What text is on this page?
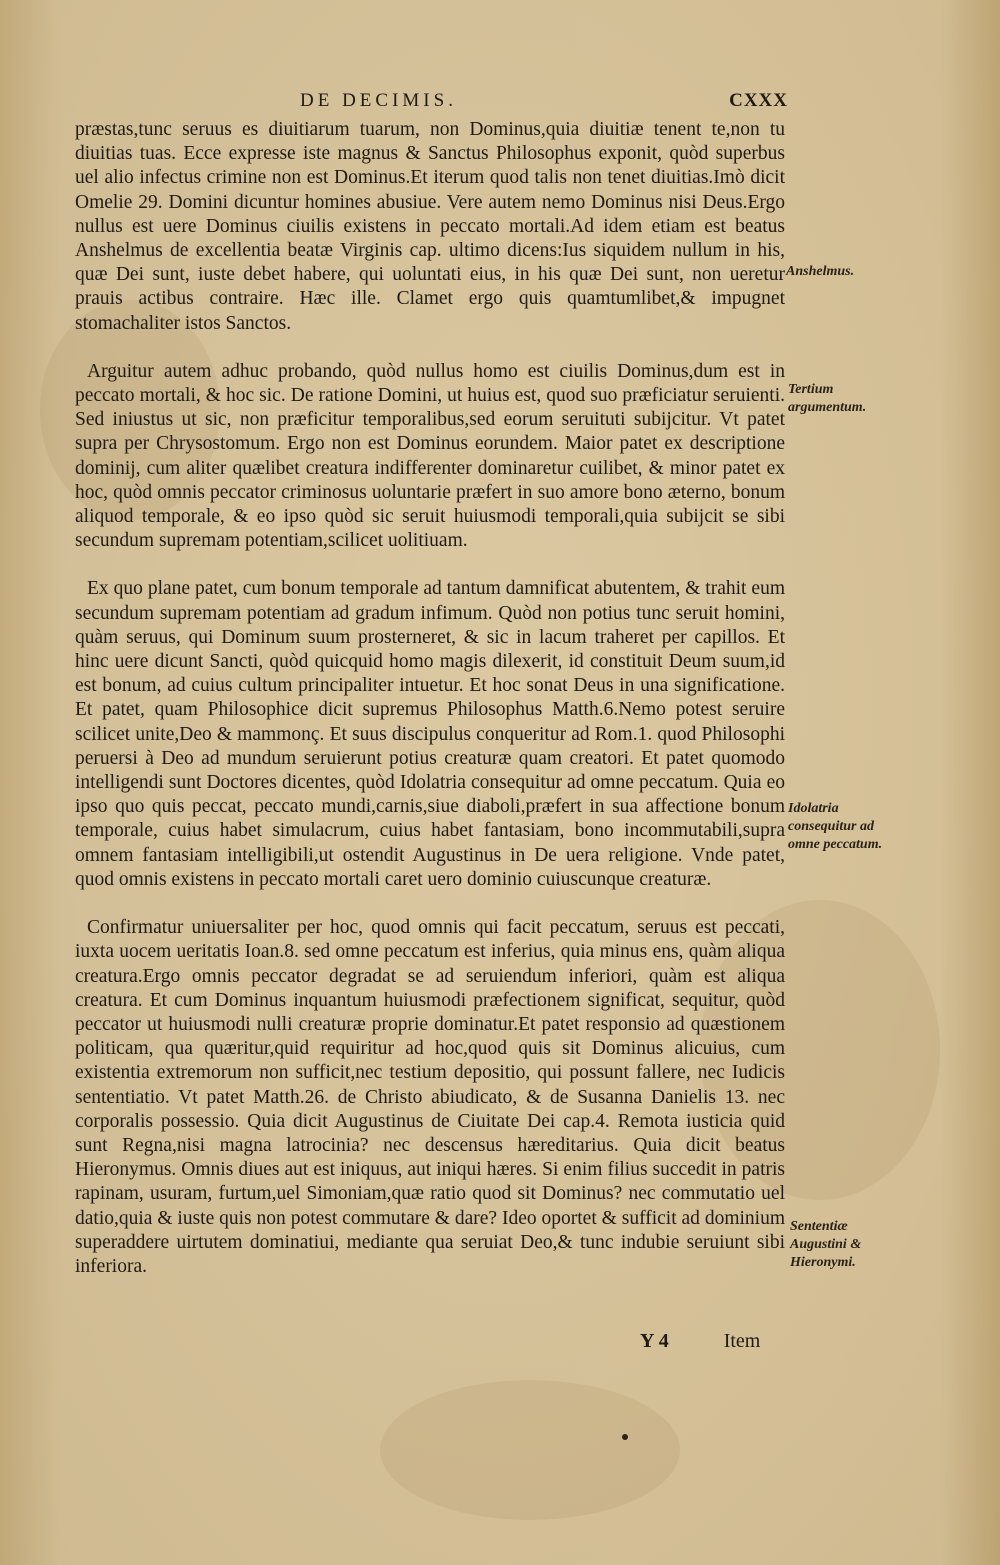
DE DECIMIS.	CXXX

præstas,tunc seruus es diuitiarum tuarum, non Dominus,quia diuitiæ tenent te,non tu diuitias tuas. Ecce expresse iste magnus & Sanctus Philosophus exponit, quòd superbus uel alio infectus crimine non est Dominus.Et iterum quod talis non tenet diuitias.Imò dicit Omelie 29. Domini dicuntur homines abusiue. Vere autem nemo Dominus nisi Deus.Ergo nullus est uere Dominus ciuilis existens in peccato mortali.Ad idem etiam est beatus Anshelmus de excellentia beatæ Virginis cap. ultimo dicens:Ius siquidem nullum in his, quæ Dei sunt, iuste debet habere, qui uoluntati eius, in his quæ Dei sunt, non ueretur prauis actibus contraire. Hæc ille. Clamet ergo quis quamtumlibet,& impugnet stomachaliter istos Sanctos.

Arguitur autem adhuc probando, quòd nullus homo est ciuilis Dominus,dum est in peccato mortali, & hoc sic. De ratione Domini, ut huius est, quod suo præficiatur seruienti. Sed iniustus ut sic, non præficitur temporalibus,sed eorum seruituti subijcitur. Vt patet supra per Chrysostomum. Ergo non est Dominus eorundem. Maior patet ex descriptione dominij, cum aliter quælibet creatura indifferenter dominaretur cuilibet, & minor patet ex hoc, quòd omnis peccator criminosus uoluntarie præfert in suo amore bono æterno, bonum aliquod temporale, & eo ipso quòd sic seruit huiusmodi temporali,quia subijcit se sibi secundum supremam potentiam,scilicet uolitiuam.

Ex quo plane patet, cum bonum temporale ad tantum damnificat abutentem, & trahit eum secundum supremam potentiam ad gradum infimum. Quòd non potius tunc seruit homini, quàm seruus, qui Dominum suum prosterneret, & sic in lacum traheret per capillos. Et hinc uere dicunt Sancti, quòd quicquid homo magis dilexerit, id constituit Deum suum,id est bonum, ad cuius cultum principaliter intuetur. Et hoc sonat Deus in una significatione. Et patet, quam Philosophice dicit supremus Philosophus Matth.6.Nemo potest seruire scilicet unite,Deo & mammonç. Et suus discipulus conqueritur ad Rom.1. quod Philosophi peruersi à Deo ad mundum seruierunt potius creaturæ quam creatori. Et patet quomodo intelligendi sunt Doctores dicentes, quòd Idolatria consequitur ad omne peccatum. Quia eo ipso quo quis peccat, peccato mundi,carnis,siue diaboli,præfert in sua affectione bonum temporale, cuius habet simulacrum, cuius habet fantasiam, bono incommutabili,supra omnem fantasiam intelligibili,ut ostendit Augustinus in De uera religione. Vnde patet, quod omnis existens in peccato mortali caret uero dominio cuiuscunque creaturæ.

Confirmatur uniuersaliter per hoc, quod omnis qui facit peccatum, seruus est peccati, iuxta uocem ueritatis Ioan.8. sed omne peccatum est inferius, quia minus ens, quàm aliqua creatura.Ergo omnis peccator degradat se ad seruiendum inferiori, quàm est aliqua creatura. Et cum Dominus inquantum huiusmodi præfectionem significat, sequitur, quòd peccator ut huiusmodi nulli creaturæ proprie dominatur.Et patet responsio ad quæstionem politicam, qua quæritur,quid requiritur ad hoc,quod quis sit Dominus alicuius, cum existentia extremorum non sufficit,nec testium depositio, qui possunt fallere, nec Iudicis sententiatio. Vt patet Matth.26. de Christo abiudicato, & de Susanna Danielis 13. nec corporalis possessio. Quia dicit Augustinus de Ciuitate Dei cap.4. Remota iusticia quid sunt Regna,nisi magna latrocinia? nec descensus hæreditarius. Quia dicit beatus Hieronymus. Omnis diues aut est iniquus, aut iniqui hæres. Si enim filius succedit in patris rapinam, usuram, furtum,uel Simoniam,quæ ratio quod sit Dominus? nec commutatio uel datio,quia & iuste quis non potest commutare & dare? Ideo oportet & sufficit ad dominium superaddere uirtutem dominatiui, mediante qua seruiat Deo,& tunc indubie seruiunt sibi inferiora.

Anshelmus.
Tertium argumentum.
Idolatria consequitur ad omne peccatum.
Sententiæ Augustini & Hieronymi.
Y 4	Item
